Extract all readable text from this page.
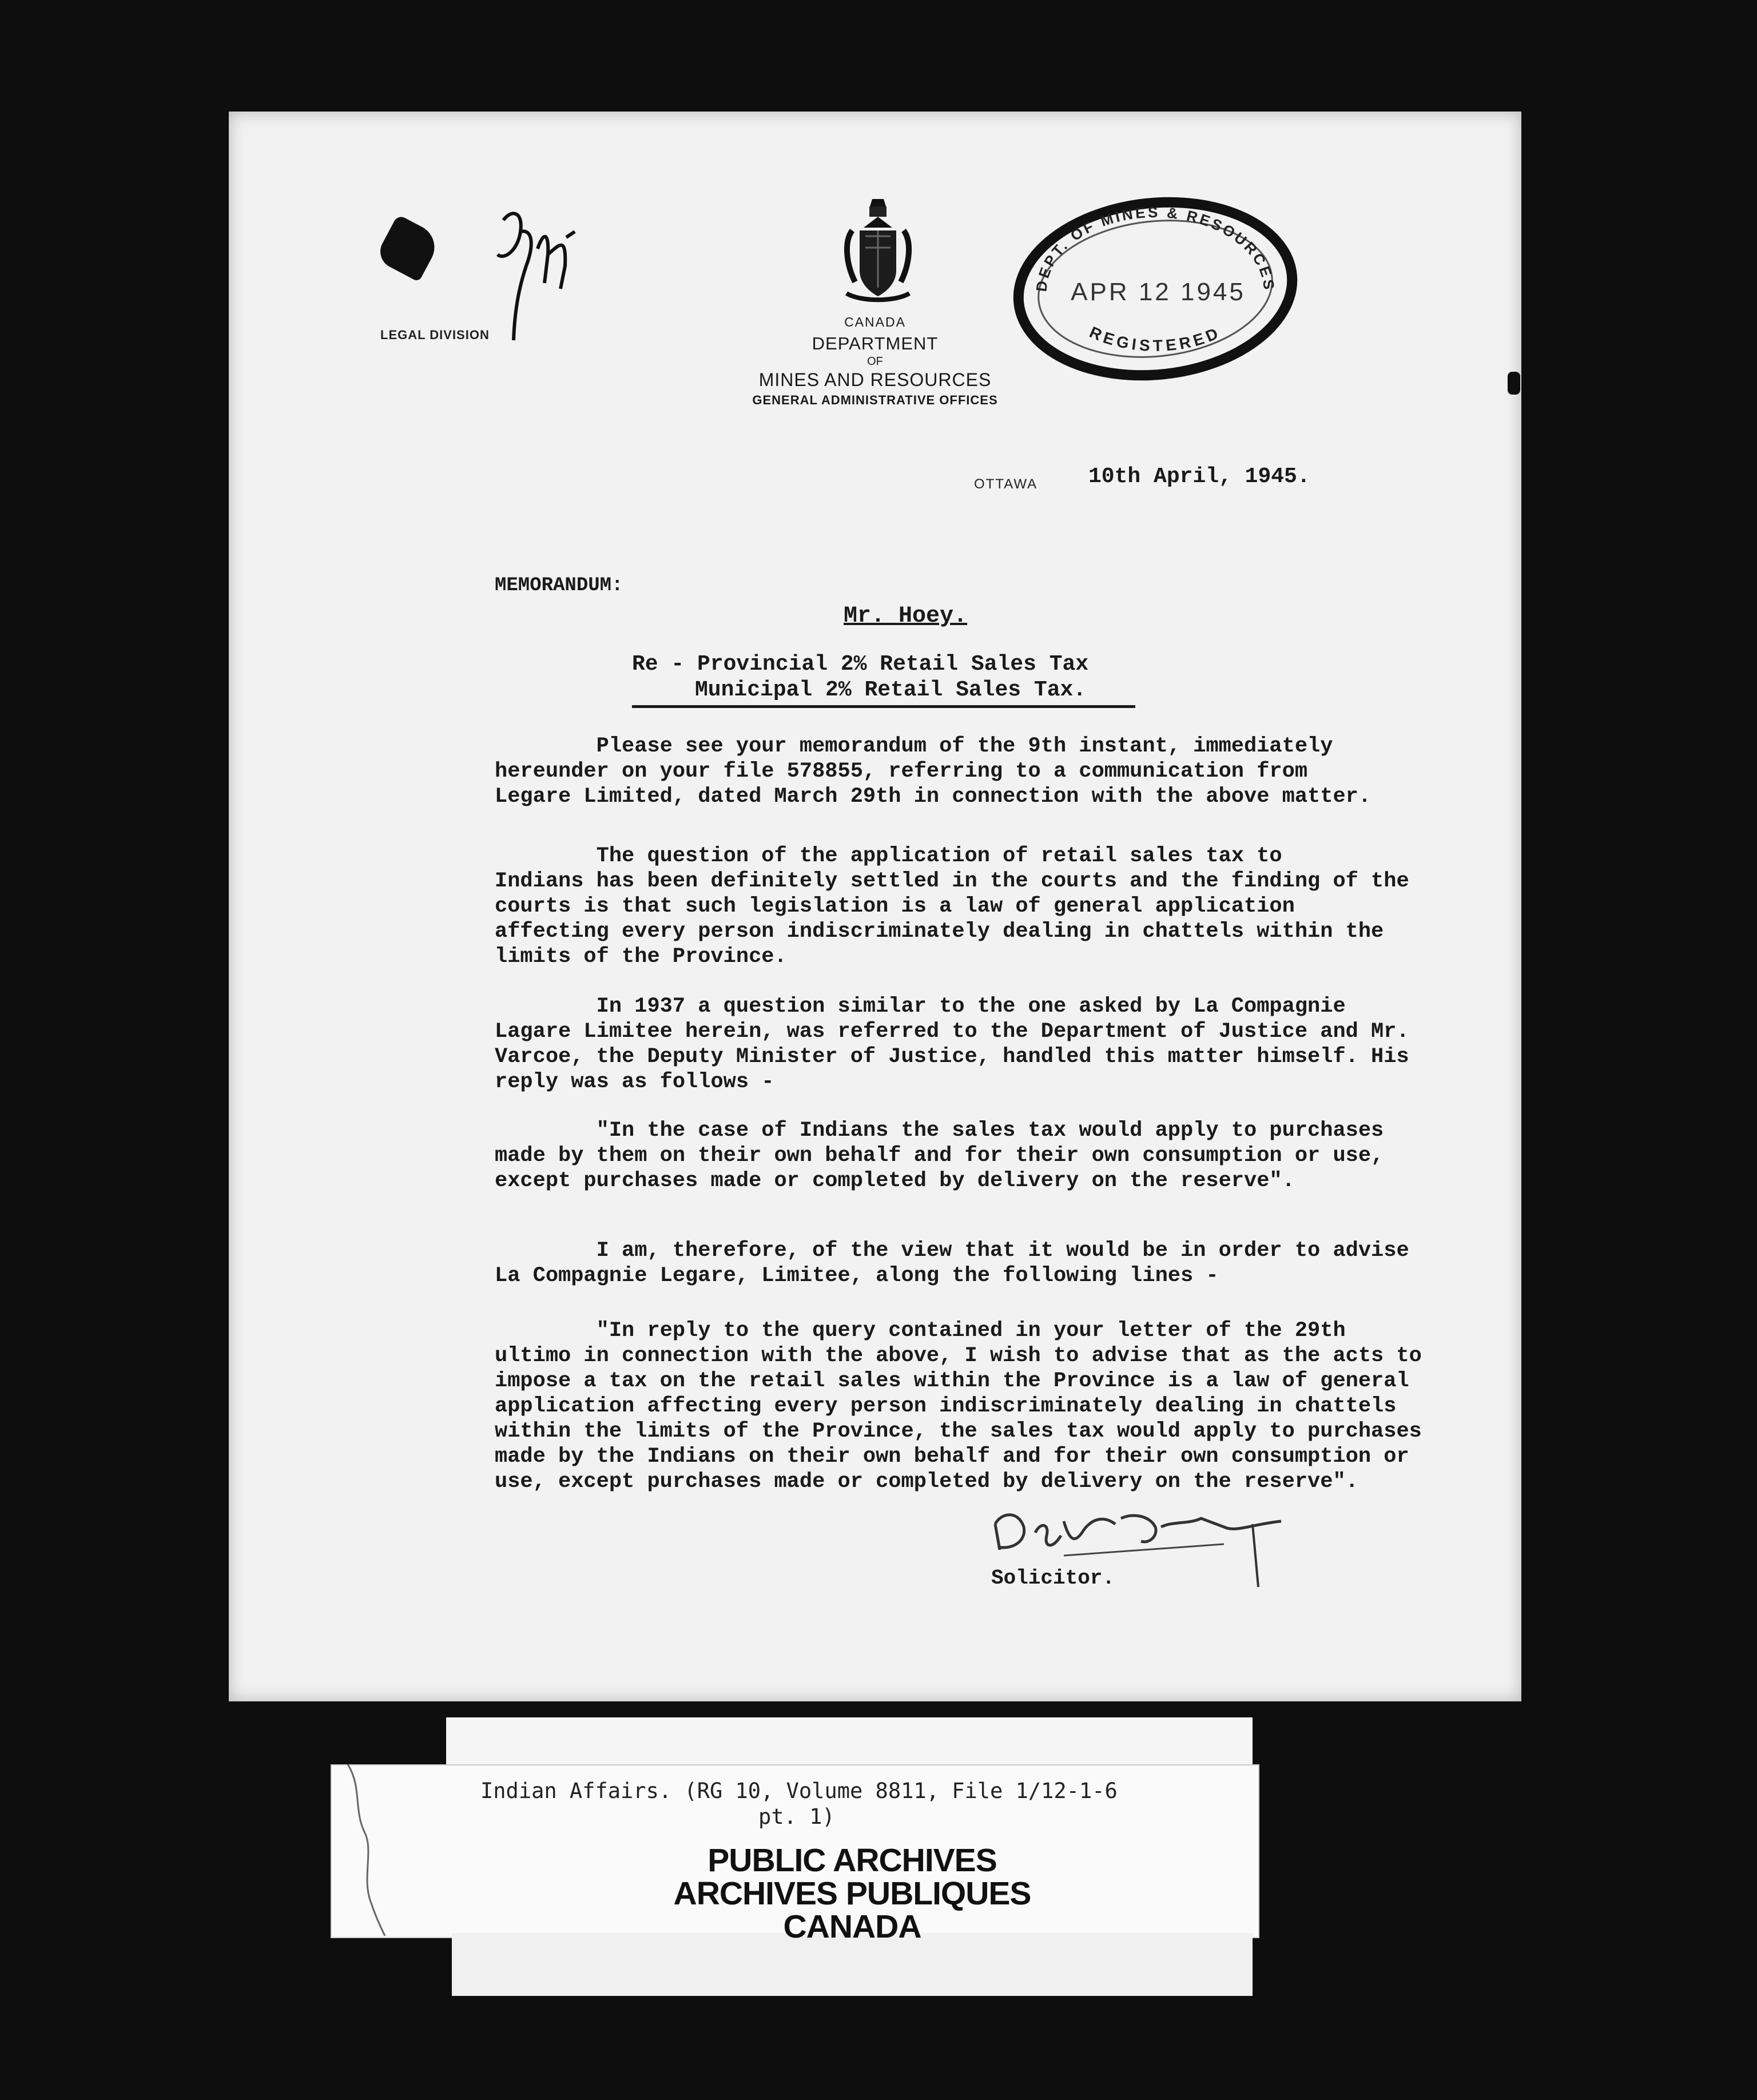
LEGAL DIVISION
CANADA
DEPARTMENT
OF
MINES AND RESOURCES
GENERAL ADMINISTRATIVE OFFICES
DEPT. OF MINES & RESOURCES
REGISTERED
APR 12 1945
OTTAWA 10th April, 1945.
MEMORANDUM:
Mr. Hoey.
Re - Provincial 2% Retail Sales Tax
Municipal 2% Retail Sales Tax.
Please see your memorandum of the 9th instant, immediately
hereunder on your file 578855, referring to a communication from
Legare Limited, dated March 29th in connection with the above matter.
The question of the application of retail sales tax to
Indians has been definitely settled in the courts and the finding of the
courts is that such legislation is a law of general application
affecting every person indiscriminately dealing in chattels within the
limits of the Province.
In 1937 a question similar to the one asked by La Compagnie
Lagare Limitee herein, was referred to the Department of Justice and Mr.
Varcoe, the Deputy Minister of Justice, handled this matter himself. His
reply was as follows -
"In the case of Indians the sales tax would apply to purchases
made by them on their own behalf and for their own consumption or use,
except purchases made or completed by delivery on the reserve".
I am, therefore, of the view that it would be in order to advise
La Compagnie Legare, Limitee, along the following lines -
"In reply to the query contained in your letter of the 29th
ultimo in connection with the above, I wish to advise that as the acts to
impose a tax on the retail sales within the Province is a law of general
application affecting every person indiscriminately dealing in chattels
within the limits of the Province, the sales tax would apply to purchases
made by the Indians on their own behalf and for their own consumption or
use, except purchases made or completed by delivery on the reserve".
Solicitor.
Indian Affairs. (RG 10, Volume 8811, File 1/12-1-6
pt. 1)
PUBLIC ARCHIVES
ARCHIVES PUBLIQUES
CANADA
